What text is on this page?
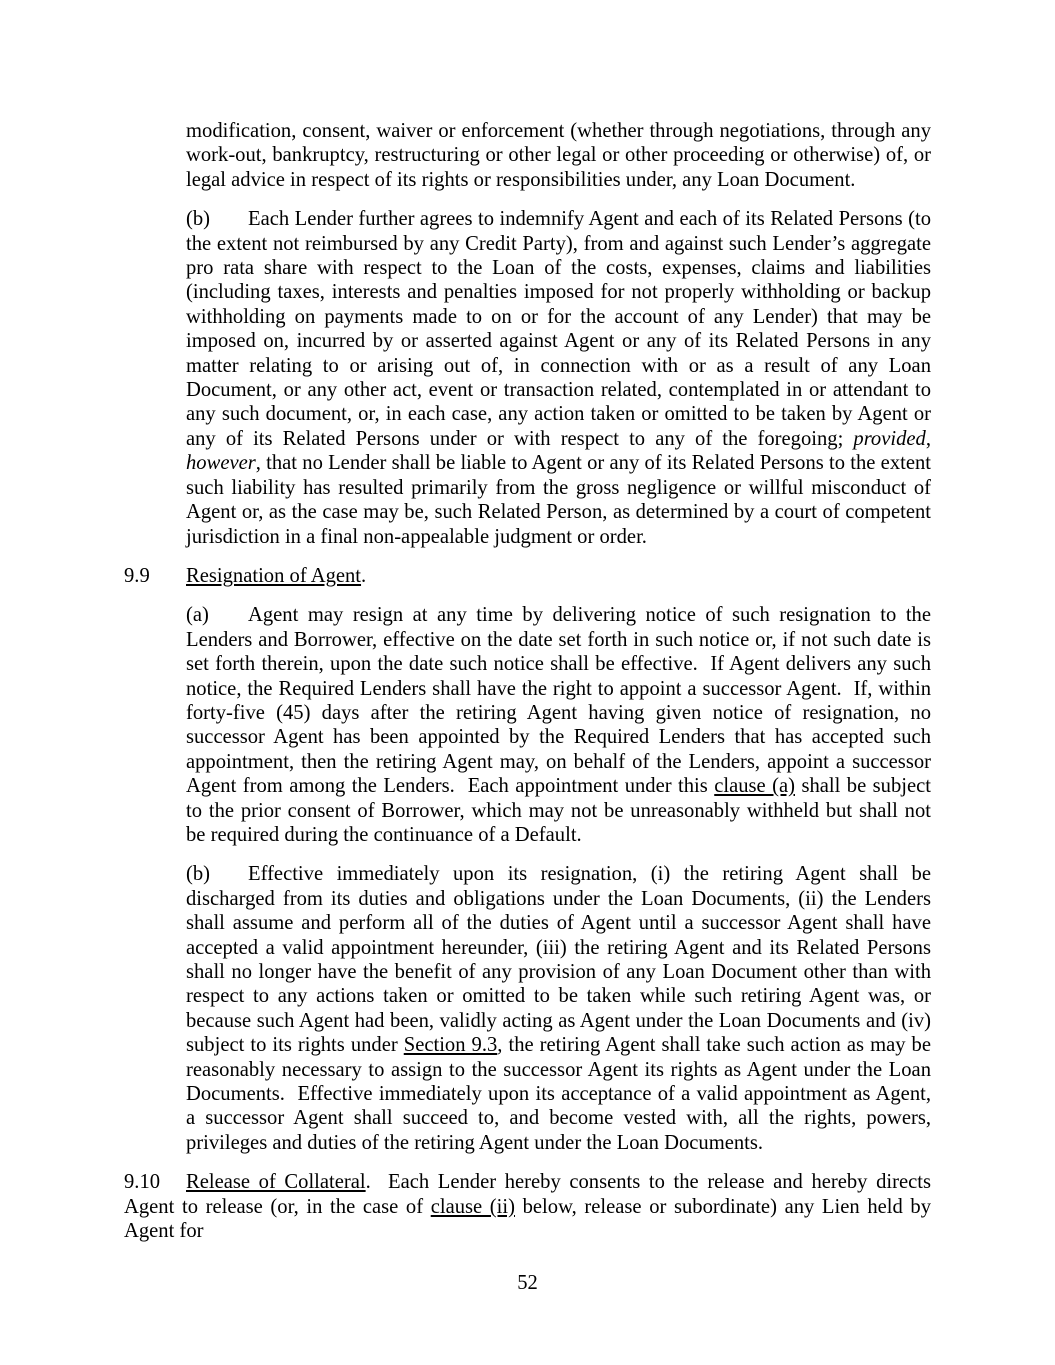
modification, consent, waiver or enforcement (whether through negotiations, through any work-out, bankruptcy, restructuring or other legal or other proceeding or otherwise) of, or legal advice in respect of its rights or responsibilities under, any Loan Document.

(b) Each Lender further agrees to indemnify Agent and each of its Related Persons (to the extent not reimbursed by any Credit Party), from and against such Lender’s aggregate pro rata share with respect to the Loan of the costs, expenses, claims and liabilities (including taxes, interests and penalties imposed for not properly withholding or backup withholding on payments made to on or for the account of any Lender) that may be imposed on, incurred by or asserted against Agent or any of its Related Persons in any matter relating to or arising out of, in connection with or as a result of any Loan Document, or any other act, event or transaction related, contemplated in or attendant to any such document, or, in each case, any action taken or omitted to be taken by Agent or any of its Related Persons under or with respect to any of the foregoing; provided, however, that no Lender shall be liable to Agent or any of its Related Persons to the extent such liability has resulted primarily from the gross negligence or willful misconduct of Agent or, as the case may be, such Related Person, as determined by a court of competent jurisdiction in a final non-appealable judgment or order.

9.9 Resignation of Agent.

(a) Agent may resign at any time by delivering notice of such resignation to the Lenders and Borrower, effective on the date set forth in such notice or, if not such date is set forth therein, upon the date such notice shall be effective.  If Agent delivers any such notice, the Required Lenders shall have the right to appoint a successor Agent.  If, within forty-five (45) days after the retiring Agent having given notice of resignation, no successor Agent has been appointed by the Required Lenders that has accepted such appointment, then the retiring Agent may, on behalf of the Lenders, appoint a successor Agent from among the Lenders.  Each appointment under this clause (a) shall be subject to the prior consent of Borrower, which may not be unreasonably withheld but shall not be required during the continuance of a Default.

(b) Effective immediately upon its resignation, (i) the retiring Agent shall be discharged from its duties and obligations under the Loan Documents, (ii) the Lenders shall assume and perform all of the duties of Agent until a successor Agent shall have accepted a valid appointment hereunder, (iii) the retiring Agent and its Related Persons shall no longer have the benefit of any provision of any Loan Document other than with respect to any actions taken or omitted to be taken while such retiring Agent was, or because such Agent had been, validly acting as Agent under the Loan Documents and (iv) subject to its rights under Section 9.3, the retiring Agent shall take such action as may be reasonably necessary to assign to the successor Agent its rights as Agent under the Loan Documents.  Effective immediately upon its acceptance of a valid appointment as Agent, a successor Agent shall succeed to, and become vested with, all the rights, powers, privileges and duties of the retiring Agent under the Loan Documents.

9.10 Release of Collateral.  Each Lender hereby consents to the release and hereby directs Agent to release (or, in the case of clause (ii) below, release or subordinate) any Lien held by Agent for

52
